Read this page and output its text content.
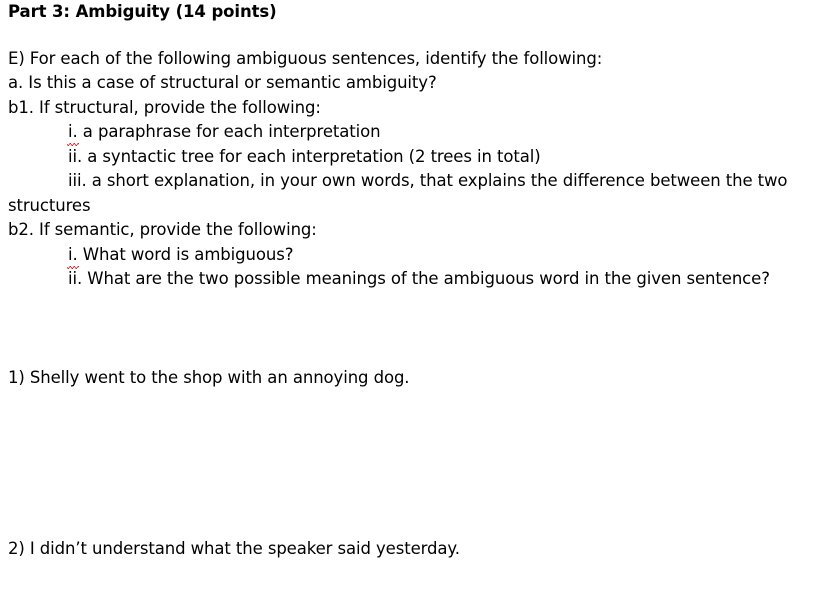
Part 3: Ambiguity (14 points)
E) For each of the following ambiguous sentences, identify the following:
a. Is this a case of structural or semantic ambiguity?
b1. If structural, provide the following:
i. a paraphrase for each interpretation
ii. a syntactic tree for each interpretation (2 trees in total)
iii. a short explanation, in your own words, that explains the difference between the two
structures
b2. If semantic, provide the following:
i. What word is ambiguous?
ii. What are the two possible meanings of the ambiguous word in the given sentence?
1) Shelly went to the shop with an annoying dog.
2) I didn’t understand what the speaker said yesterday.
